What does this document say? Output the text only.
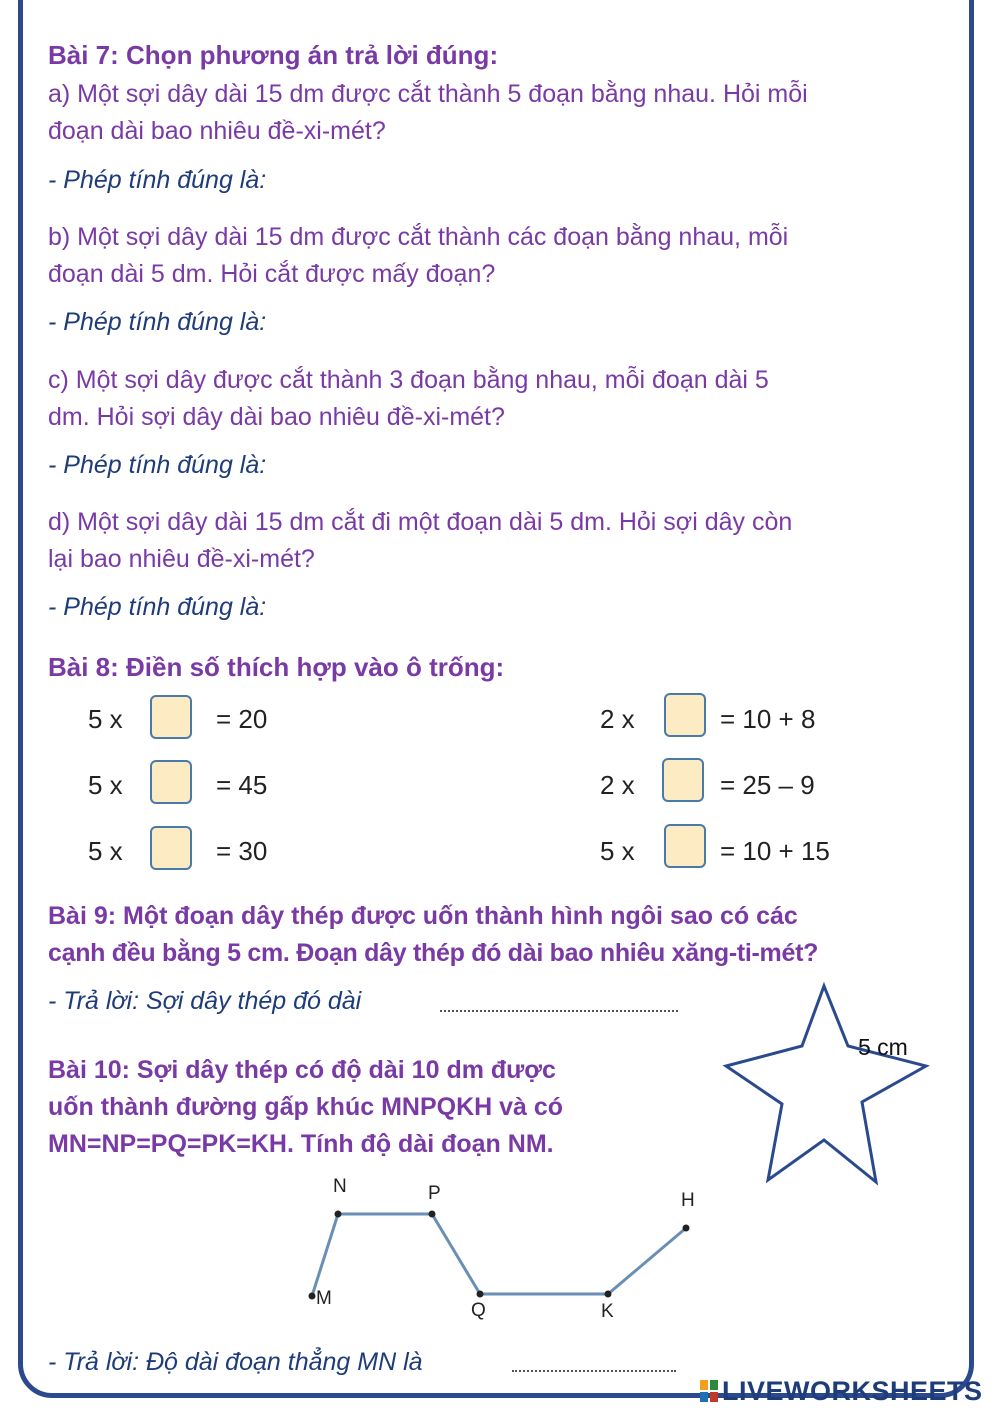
Bài 7: Chọn phương án trả lời đúng:
a) Một sợi dây dài 15 dm được cắt thành 5 đoạn bằng nhau. Hỏi mỗi
đoạn dài bao nhiêu đề-xi-mét?
- Phép tính đúng là:
b) Một sợi dây dài 15 dm được cắt thành các đoạn bằng nhau, mỗi
đoạn dài 5 dm. Hỏi cắt được mấy đoạn?
- Phép tính đúng là:
c) Một sợi dây được cắt thành 3 đoạn bằng nhau, mỗi đoạn dài 5
dm. Hỏi sợi dây dài bao nhiêu đề-xi-mét?
- Phép tính đúng là:
d) Một sợi dây dài 15 dm cắt đi một đoạn dài 5 dm. Hỏi sợi dây còn
lại bao nhiêu đề-xi-mét?
- Phép tính đúng là:
Bài 8: Điền số thích hợp vào ô trống:
5 x	= 20
5 x	= 45
5 x	= 30
2 x	= 10 + 8
2 x	= 25 – 9
5 x	= 10 + 15
Bài 9: Một đoạn dây thép được uốn thành hình ngôi sao có các
cạnh đều bằng 5 cm. Đoạn dây thép đó dài bao nhiêu xăng-ti-mét?
- Trả lời: Sợi dây thép đó dài
5 cm
Bài 10: Sợi dây thép có độ dài 10 dm được
uốn thành đường gấp khúc MNPQKH và có
MN=NP=PQ=PK=KH. Tính độ dài đoạn NM.
M
N	P
Q	K
H
- Trả lời: Độ dài đoạn thẳng MN là
LIVEWORKSHEETS
